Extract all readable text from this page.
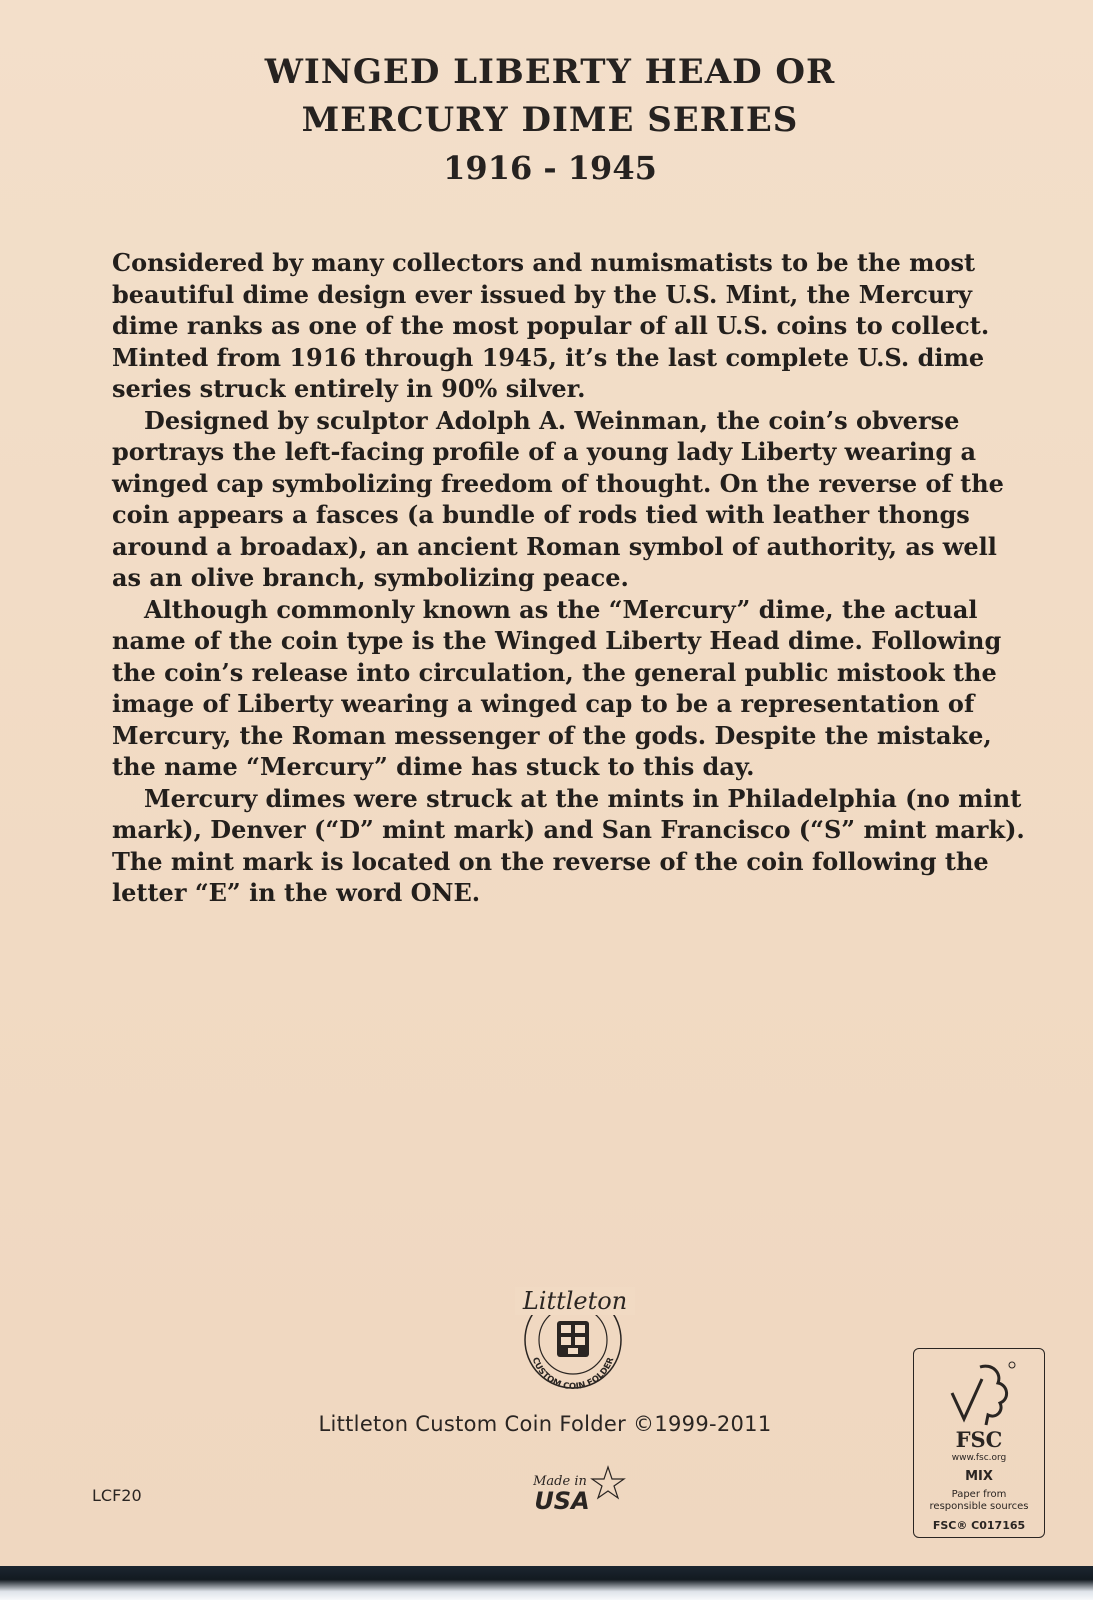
WINGED LIBERTY HEAD OR
MERCURY DIME SERIES
1916 - 1945
Considered by many collectors and numismatists to be the most
beautiful dime design ever issued by the U.S. Mint, the Mercury
dime ranks as one of the most popular of all U.S. coins to collect.
Minted from 1916 through 1945, it’s the last complete U.S. dime
series struck entirely in 90% silver.
Designed by sculptor Adolph A. Weinman, the coin’s obverse
portrays the left-facing profile of a young lady Liberty wearing a
winged cap symbolizing freedom of thought. On the reverse of the
coin appears a fasces (a bundle of rods tied with leather thongs
around a broadax), an ancient Roman symbol of authority, as well
as an olive branch, symbolizing peace.
Although commonly known as the “Mercury” dime, the actual
name of the coin type is the Winged Liberty Head dime. Following
the coin’s release into circulation, the general public mistook the
image of Liberty wearing a winged cap to be a representation of
Mercury, the Roman messenger of the gods. Despite the mistake,
the name “Mercury” dime has stuck to this day.
Mercury dimes were struck at the mints in Philadelphia (no mint
mark), Denver (“D” mint mark) and San Francisco (“S” mint mark).
The mint mark is located on the reverse of the coin following the
letter “E” in the word ONE.
Littleton
CUSTOM COIN FOLDER
Littleton Custom Coin Folder ©1999-2011
Made in
USA
LCF20
FSC
www.fsc.org
MIX
Paper from
responsible sources
FSC® C017165
